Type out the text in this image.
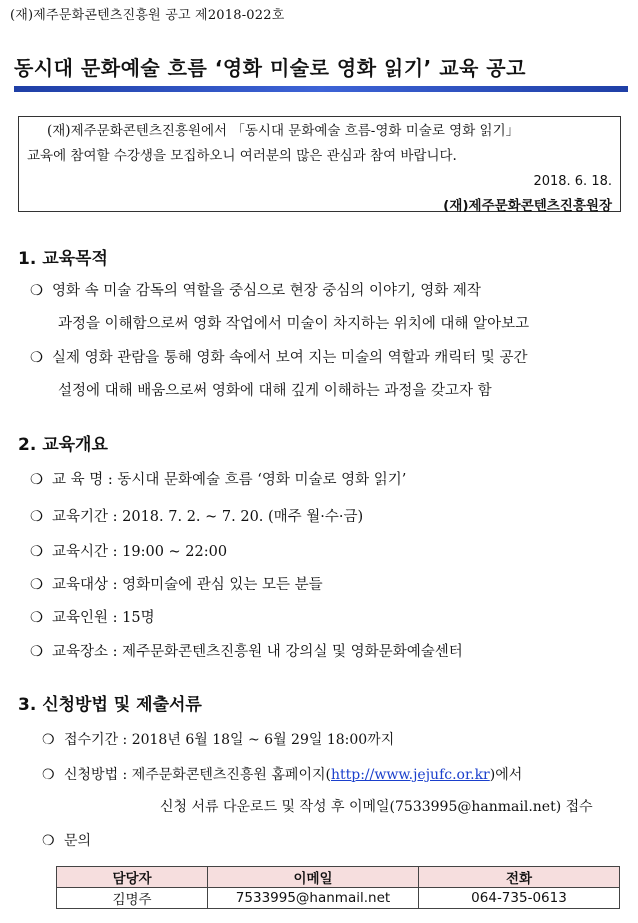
(재)제주문화콘텐츠진흥원 공고 제2018-022호
동시대 문화예술 흐름 ‘영화 미술로 영화 읽기’ 교육 공고
(재)제주문화콘텐츠진흥원에서 「동시대 문화예술 흐름-영화 미술로 영화 읽기」
교육에 참여할 수강생을 모집하오니 여러분의 많은 관심과 참여 바랍니다.
2018. 6. 18.
(재)제주문화콘텐츠진흥원장
1. 교육목적
❍ 영화 속 미술 감독의 역할을 중심으로 현장 중심의 이야기, 영화 제작
과정을 이해함으로써 영화 작업에서 미술이 차지하는 위치에 대해 알아보고
❍ 실제 영화 관람을 통해 영화 속에서 보여 지는 미술의 역할과 캐릭터 및 공간
설정에 대해 배움으로써 영화에 대해 깊게 이해하는 과정을 갖고자 함
2. 교육개요
❍ 교 육 명 : 동시대 문화예술 흐름 ‘영화 미술로 영화 읽기’
❍ 교육기간 : 2018. 7. 2. ~ 7. 20. (매주 월·수·금)
❍ 교육시간 : 19:00 ~ 22:00
❍ 교육대상 : 영화미술에 관심 있는 모든 분들
❍ 교육인원 : 15명
❍ 교육장소 : 제주문화콘텐츠진흥원 내 강의실 및 영화문화예술센터
3. 신청방법 및 제출서류
❍ 접수기간 : 2018년 6월 18일 ~ 6월 29일 18:00까지
❍ 신청방법 : 제주문화콘텐츠진흥원 홈페이지(http://www.jejufc.or.kr)에서
신청 서류 다운로드 및 작성 후 이메일(7533995@hanmail.net) 접수
❍ 문의
담당자	이메일	전화
김명주	7533995@hanmail.net	064-735-0613
